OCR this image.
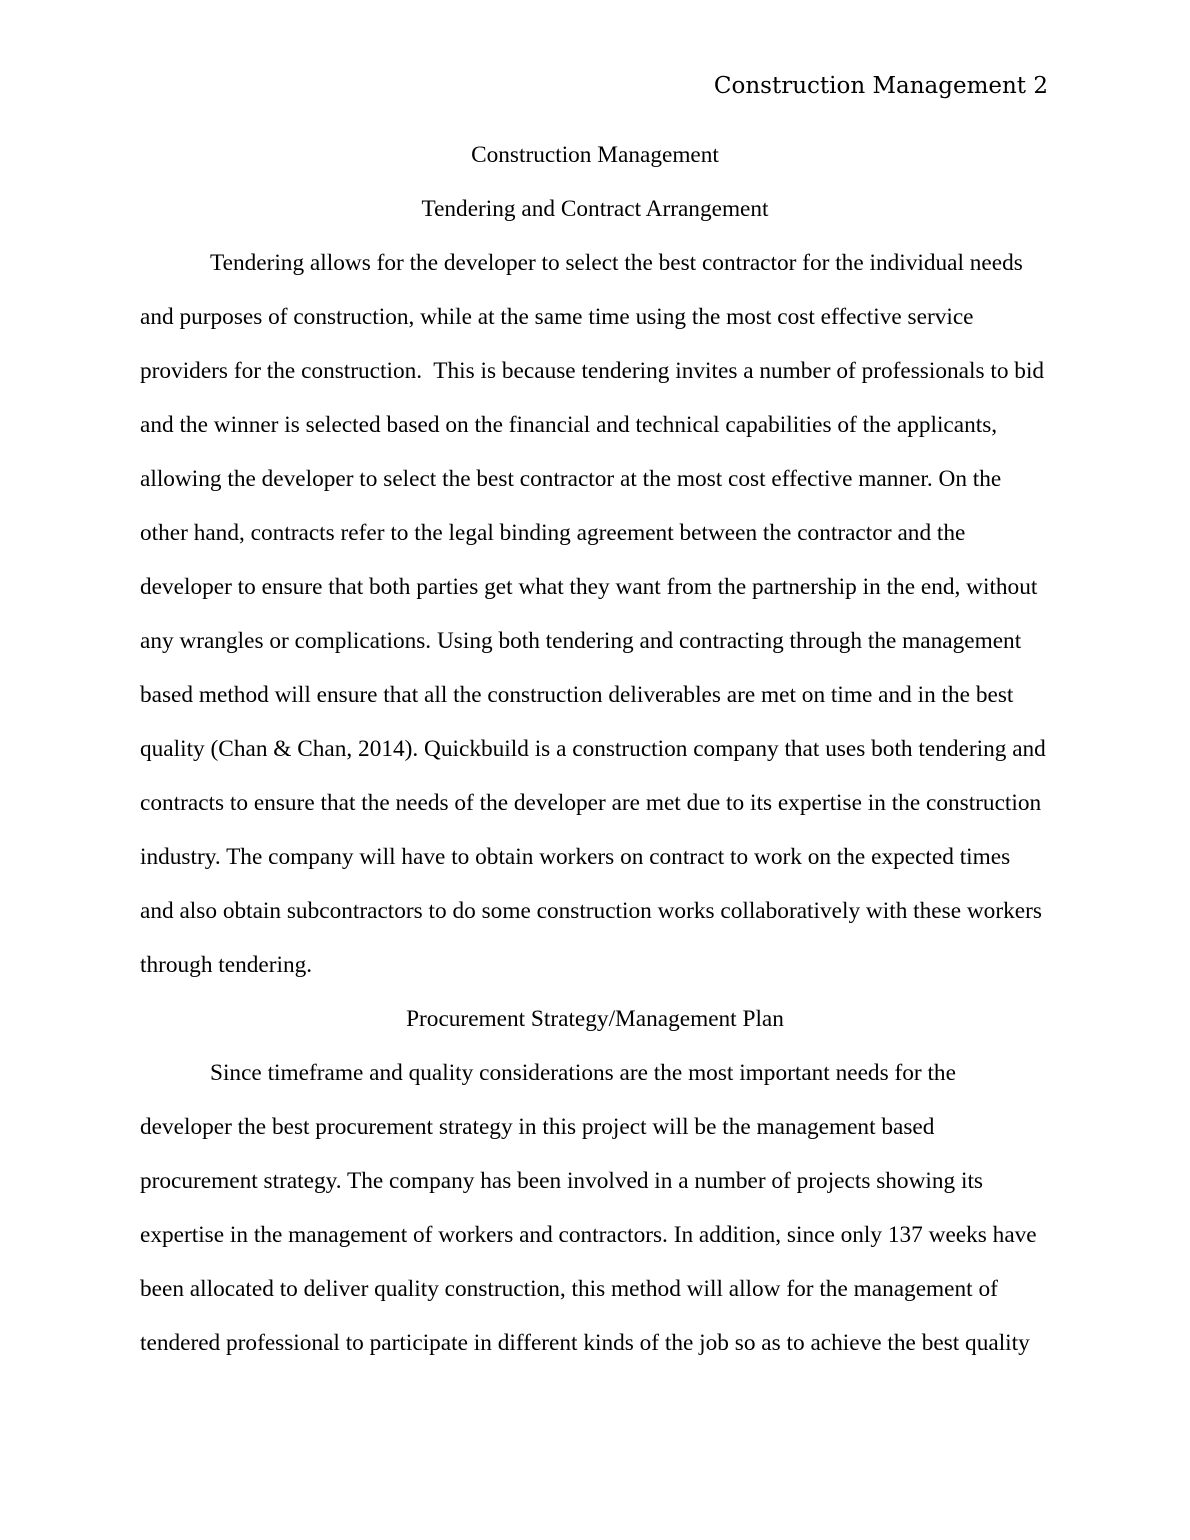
Construction Management 2
Construction Management
Tendering and Contract Arrangement
Tendering allows for the developer to select the best contractor for the individual needs
and purposes of construction, while at the same time using the most cost effective service
providers for the construction.  This is because tendering invites a number of professionals to bid
and the winner is selected based on the financial and technical capabilities of the applicants,
allowing the developer to select the best contractor at the most cost effective manner. On the
other hand, contracts refer to the legal binding agreement between the contractor and the
developer to ensure that both parties get what they want from the partnership in the end, without
any wrangles or complications. Using both tendering and contracting through the management
based method will ensure that all the construction deliverables are met on time and in the best
quality (Chan & Chan, 2014). Quickbuild is a construction company that uses both tendering and
contracts to ensure that the needs of the developer are met due to its expertise in the construction
industry. The company will have to obtain workers on contract to work on the expected times
and also obtain subcontractors to do some construction works collaboratively with these workers
through tendering.
Procurement Strategy/Management Plan
Since timeframe and quality considerations are the most important needs for the
developer the best procurement strategy in this project will be the management based
procurement strategy. The company has been involved in a number of projects showing its
expertise in the management of workers and contractors. In addition, since only 137 weeks have
been allocated to deliver quality construction, this method will allow for the management of
tendered professional to participate in different kinds of the job so as to achieve the best quality
